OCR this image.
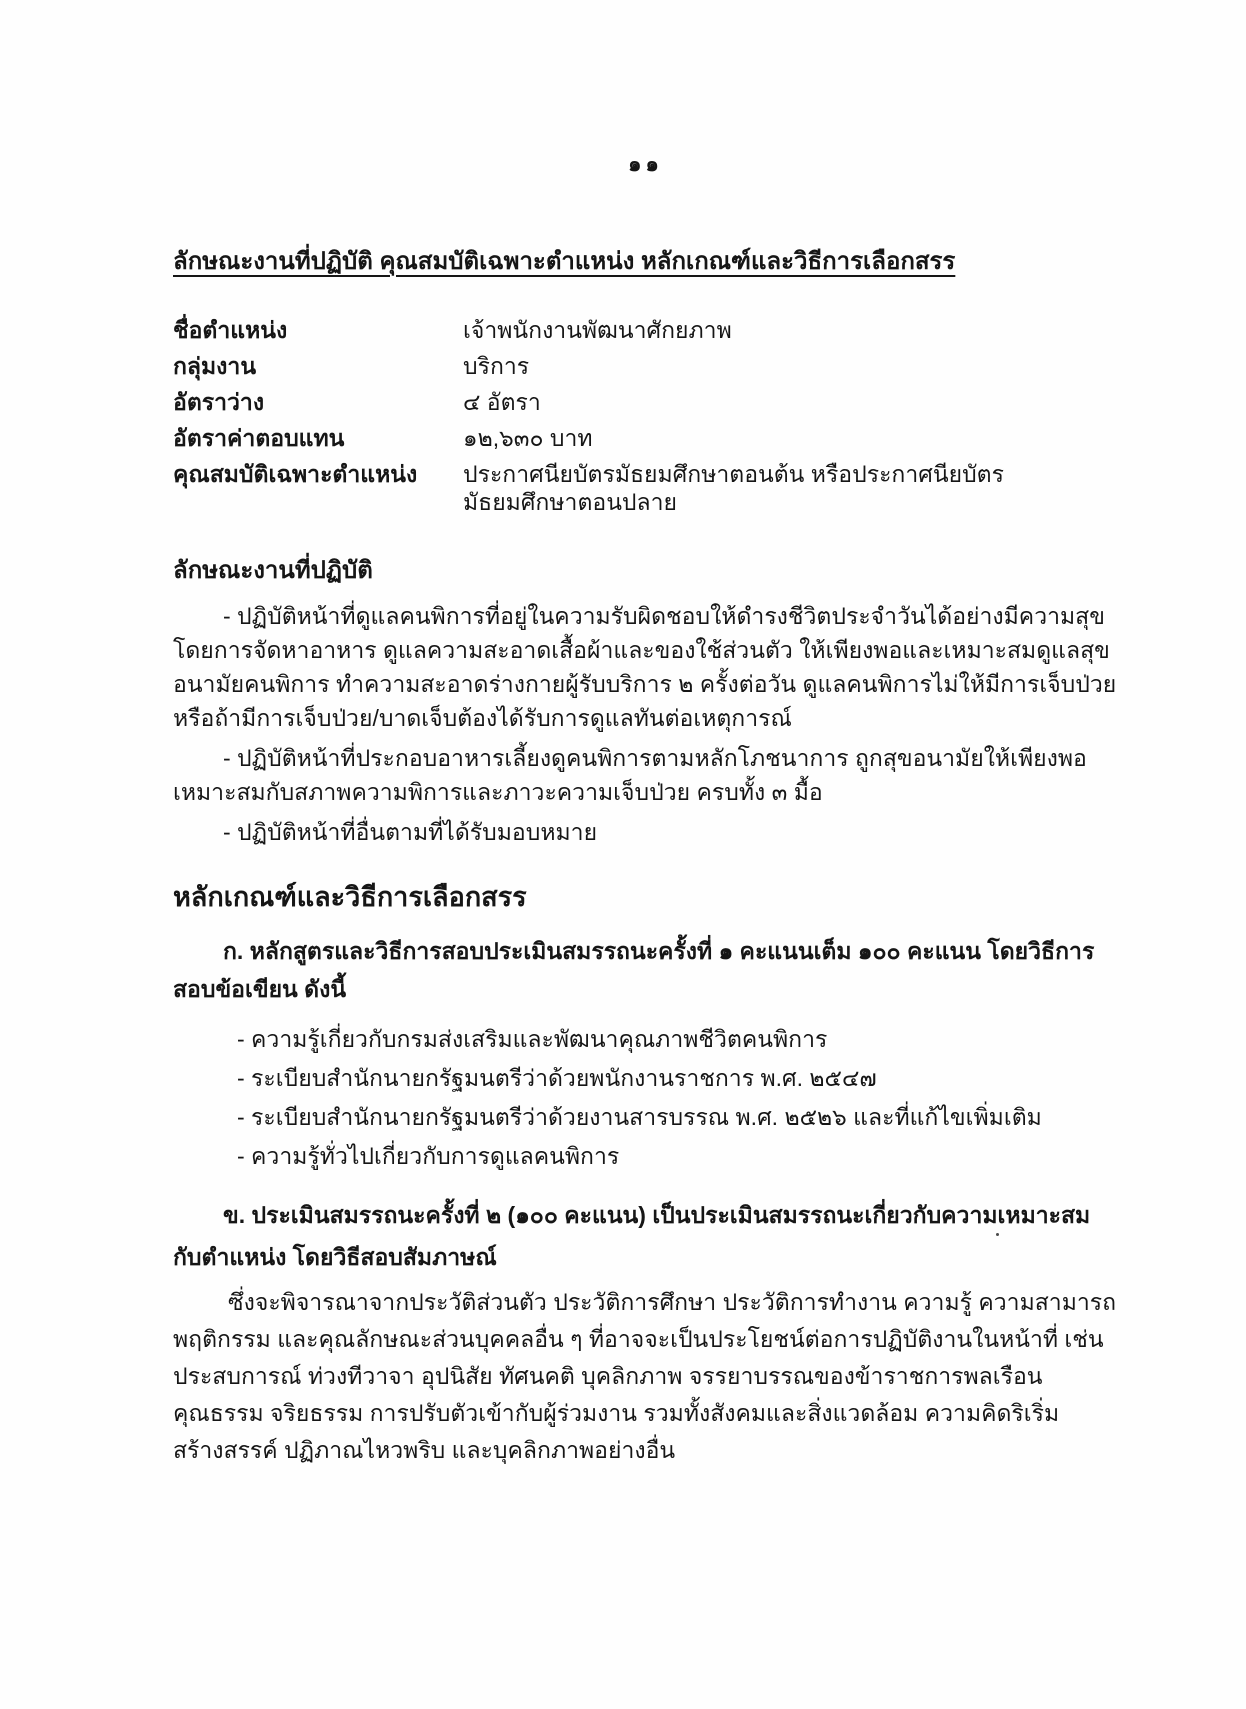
๑๑
ลักษณะงานที่ปฏิบัติ คุณสมบัติเฉพาะตำแหน่ง หลักเกณฑ์และวิธีการเลือกสรร
ชื่อตำแหน่ง	เจ้าพนักงานพัฒนาศักยภาพ
กลุ่มงาน	บริการ
อัตราว่าง	๔ อัตรา
อัตราค่าตอบแทน	๑๒,๖๓๐ บาท
คุณสมบัติเฉพาะตำแหน่ง	ประกาศนียบัตรมัธยมศึกษาตอนต้น หรือประกาศนียบัตรมัธยมศึกษาตอนปลาย
ลักษณะงานที่ปฏิบัติ
- ปฏิบัติหน้าที่ดูแลคนพิการที่อยู่ในความรับผิดชอบให้ดำรงชีวิตประจำวันได้อย่างมีความสุข โดยการจัดหาอาหาร ดูแลความสะอาดเสื้อผ้าและของใช้ส่วนตัว ให้เพียงพอและเหมาะสมดูแลสุขอนามัยคนพิการ ทำความสะอาดร่างกายผู้รับบริการ ๒ ครั้งต่อวัน ดูแลคนพิการไม่ให้มีการเจ็บป่วยหรือถ้ามีการเจ็บป่วย/บาดเจ็บต้องได้รับการดูแลทันต่อเหตุการณ์
- ปฏิบัติหน้าที่ประกอบอาหารเลี้ยงดูคนพิการตามหลักโภชนาการ ถูกสุขอนามัยให้เพียงพอเหมาะสมกับสภาพความพิการและภาวะความเจ็บป่วย ครบทั้ง ๓ มื้อ
- ปฏิบัติหน้าที่อื่นตามที่ได้รับมอบหมาย
หลักเกณฑ์และวิธีการเลือกสรร
ก. หลักสูตรและวิธีการสอบประเมินสมรรถนะครั้งที่ ๑ คะแนนเต็ม ๑๐๐ คะแนน โดยวิธีการสอบข้อเขียน ดังนี้
- ความรู้เกี่ยวกับกรมส่งเสริมและพัฒนาคุณภาพชีวิตคนพิการ
- ระเบียบสำนักนายกรัฐมนตรีว่าด้วยพนักงานราชการ พ.ศ. ๒๕๔๗
- ระเบียบสำนักนายกรัฐมนตรีว่าด้วยงานสารบรรณ พ.ศ. ๒๕๒๖ และที่แก้ไขเพิ่มเติม
- ความรู้ทั่วไปเกี่ยวกับการดูแลคนพิการ
ข. ประเมินสมรรถนะครั้งที่ ๒ (๑๐๐ คะแนน) เป็นประเมินสมรรถนะเกี่ยวกับความเหมาะสมกับตำแหน่ง โดยวิธีสอบสัมภาษณ์
ซึ่งจะพิจารณาจากประวัติส่วนตัว ประวัติการศึกษา ประวัติการทำงาน ความรู้ ความสามารถ พฤติกรรม และคุณลักษณะส่วนบุคคลอื่น ๆ ที่อาจจะเป็นประโยชน์ต่อการปฏิบัติงานในหน้าที่ เช่น ประสบการณ์ ท่วงทีวาจา อุปนิสัย ทัศนคติ บุคลิกภาพ จรรยาบรรณของข้าราชการพลเรือน คุณธรรม จริยธรรม การปรับตัวเข้ากับผู้ร่วมงาน รวมทั้งสังคมและสิ่งแวดล้อม ความคิดริเริ่มสร้างสรรค์ ปฏิภาณไหวพริบ และบุคลิกภาพอย่างอื่น
